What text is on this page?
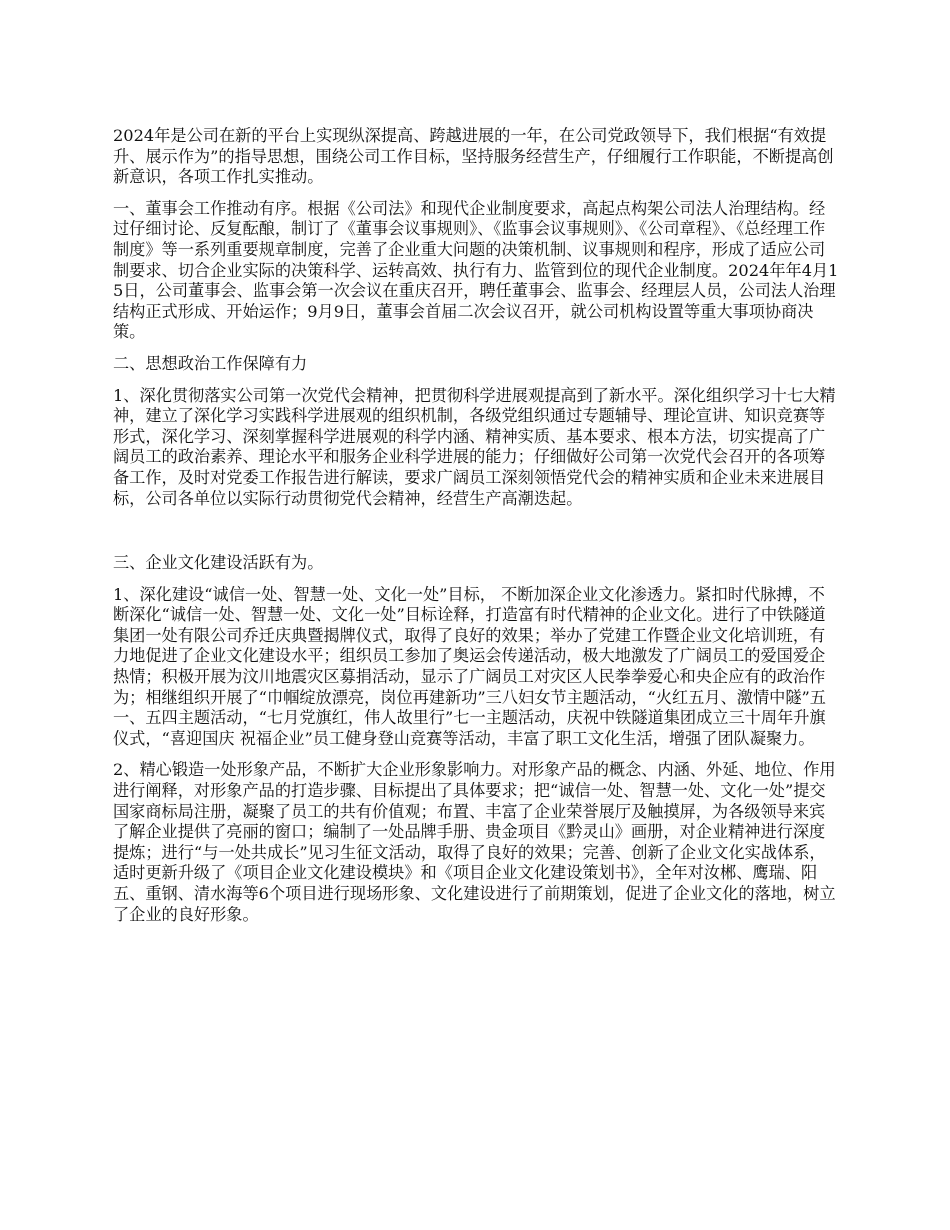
2024年是公司在新的平台上实现纵深提高、跨越进展的一年，在公司党政领导下，我们根据“有效提升、展示作为”的指导思想，围绕公司工作目标，坚持服务经营生产，仔细履行工作职能，不断提高创新意识，各项工作扎实推动。

一、董事会工作推动有序。根据《公司法》和现代企业制度要求，高起点构架公司法人治理结构。经过仔细讨论、反复酝酿，制订了《董事会议事规则》、《监事会议事规则》、《公司章程》、《总经理工作制度》等一系列重要规章制度，完善了企业重大问题的决策机制、议事规则和程序，形成了适应公司制要求、切合企业实际的决策科学、运转高效、执行有力、监管到位的现代企业制度。2024年年4月15日，公司董事会、监事会第一次会议在重庆召开，聘任董事会、监事会、经理层人员，公司法人治理结构正式形成、开始运作；9月9日，董事会首届二次会议召开，就公司机构设置等重大事项协商决策。

二、思想政治工作保障有力

1、深化贯彻落实公司第一次党代会精神，把贯彻科学进展观提高到了新水平。深化组织学习十七大精神，建立了深化学习实践科学进展观的组织机制，各级党组织通过专题辅导、理论宣讲、知识竞赛等形式，深化学习、深刻掌握科学进展观的科学内涵、精神实质、基本要求、根本方法，切实提高了广阔员工的政治素养、理论水平和服务企业科学进展的能力；仔细做好公司第一次党代会召开的各项筹备工作，及时对党委工作报告进行解读，要求广阔员工深刻领悟党代会的精神实质和企业未来进展目标，公司各单位以实际行动贯彻党代会精神，经营生产高潮迭起。

三、企业文化建设活跃有为。

1、深化建设“诚信一处、智慧一处、文化一处”目标， 不断加深企业文化渗透力。紧扣时代脉搏，不断深化“诚信一处、智慧一处、文化一处”目标诠释，打造富有时代精神的企业文化。进行了中铁隧道集团一处有限公司乔迁庆典暨揭牌仪式，取得了良好的效果；举办了党建工作暨企业文化培训班，有力地促进了企业文化建设水平；组织员工参加了奥运会传递活动，极大地激发了广阔员工的爱国爱企热情；积极开展为汶川地震灾区募捐活动，显示了广阔员工对灾区人民拳拳爱心和央企应有的政治作为；相继组织开展了“巾帼绽放漂亮，岗位再建新功”三八妇女节主题活动，“火红五月、激情中隧”五一、五四主题活动，“七月党旗红，伟人故里行”七一主题活动，庆祝中铁隧道集团成立三十周年升旗仪式，“喜迎国庆 祝福企业”员工健身登山竞赛等活动，丰富了职工文化生活，增强了团队凝聚力。

2、精心锻造一处形象产品，不断扩大企业形象影响力。对形象产品的概念、内涵、外延、地位、作用进行阐释，对形象产品的打造步骤、目标提出了具体要求；把“诚信一处、智慧一处、文化一处”提交国家商标局注册，凝聚了员工的共有价值观；布置、丰富了企业荣誉展厅及触摸屏，为各级领导来宾了解企业提供了亮丽的窗口；编制了一处品牌手册、贵金项目《黔灵山》画册，对企业精神进行深度提炼；进行“与一处共成长”见习生征文活动，取得了良好的效果；完善、创新了企业文化实战体系，适时更新升级了《项目企业文化建设模块》和《项目企业文化建设策划书》，全年对汝郴、鹰瑞、阳五、重钢、清水海等6个项目进行现场形象、文化建设进行了前期策划，促进了企业文化的落地，树立了企业的良好形象。
